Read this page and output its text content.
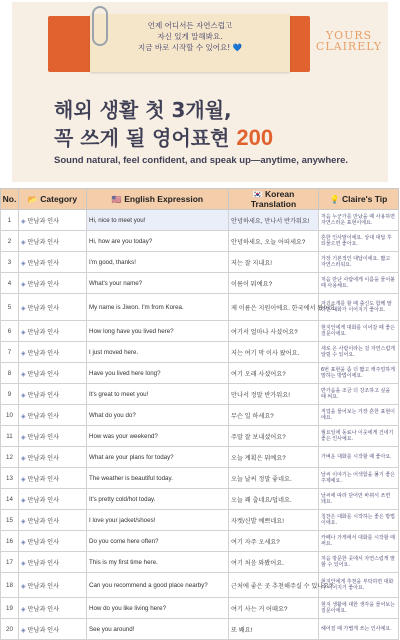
언제 어디서든 자연스럽고
자신 있게 말해봐요.
지금 바로 시작할 수 있어요! 💙
YOURS
CLAIRELY
해외 생활 첫 3개월,
꼭 쓰게 될 영어표현 200
Sound natural, feel confident, and speak up—anytime, anywhere.
No.	📂 Category	🇺🇸 English Expression	🇰🇷 Korean Translation	💡 Claire's Tip
1	◈ 만남과 인사	Hi, nice to meet you!	안녕하세요, 만나서 반가워요!	처음 누군가를 만났을 때 사용하면 자연스러운 표현이에요.
2	◈ 만남과 인사	Hi, how are you today?	안녕하세요, 오늘 어떠세요?	흔한 인사말이에요. 상대 대답 후 되물으면 좋아요.
3	◈ 만남과 인사	I'm good, thanks!	저는 잘 지내요!	가장 기본적인 대답이에요. 짧고 자연스러워요.
4	◈ 만남과 인사	What's your name?	이름이 뭐예요?	처음 만난 사람에게 이름을 물어볼 때 사용해요.
5	◈ 만남과 인사	My name is Jiwon. I'm from Korea.	제 이름은 지원이에요. 한국에서 왔어요.	자기소개를 할 때 출신도 함께 말하면 대화가 이어지기 좋아요.
6	◈ 만남과 인사	How long have you lived here?	여기서 얼마나 사셨어요?	현지인에게 대화를 이어갈 때 좋은 질문이에요.
7	◈ 만남과 인사	I just moved here.	저는 여기 막 이사 왔어요.	새로 온 사람이라는 걸 자연스럽게 알릴 수 있어요.
8	◈ 만남과 인사	Have you lived here long?	여기 오래 사셨어요?	6번 표현을 좀 더 짧고 캐주얼하게 말하는 방법이에요.
9	◈ 만남과 인사	It's great to meet you!	만나서 정말 반가워요!	반가움을 조금 더 강조하고 싶을 때 써요.
10	◈ 만남과 인사	What do you do?	무슨 일 하세요?	직업을 물어보는 가장 흔한 표현이에요.
11	◈ 만남과 인사	How was your weekend?	주말 잘 보내셨어요?	월요일에 동료나 이웃에게 건네기 좋은 인사예요.
12	◈ 만남과 인사	What are your plans for today?	오늘 계획은 뭐예요?	가벼운 대화를 시작할 때 좋아요.
13	◈ 만남과 인사	The weather is beautiful today.	오늘 날씨 정말 좋네요.	날씨 이야기는 어색함을 풀기 좋은 주제예요.
14	◈ 만남과 인사	It's pretty cold/hot today.	오늘 꽤 춥네요/덥네요.	날씨에 따라 단어만 바꿔서 쓰면 돼요.
15	◈ 만남과 인사	I love your jacket/shoes!	자켓/신발 예쁘네요!	칭찬은 대화를 시작하는 좋은 방법이에요.
16	◈ 만남과 인사	Do you come here often?	여기 자주 오세요?	카페나 가게에서 대화를 시작할 때 써요.
17	◈ 만남과 인사	This is my first time here.	여기 처음 와봤어요.	처음 방문한 곳에서 자연스럽게 말할 수 있어요.
18	◈ 만남과 인사	Can you recommend a good place nearby?	근처에 좋은 곳 추천해주실 수 있나요?	현지인에게 추천을 부탁하면 대화가 이어지기 좋아요.
19	◈ 만남과 인사	How do you like living here?	여기 사는 거 어때요?	현지 생활에 대한 생각을 물어보는 질문이에요.
20	◈ 만남과 인사	See you around!	또 봬요!	헤어질 때 가볍게 쓰는 인사예요.
